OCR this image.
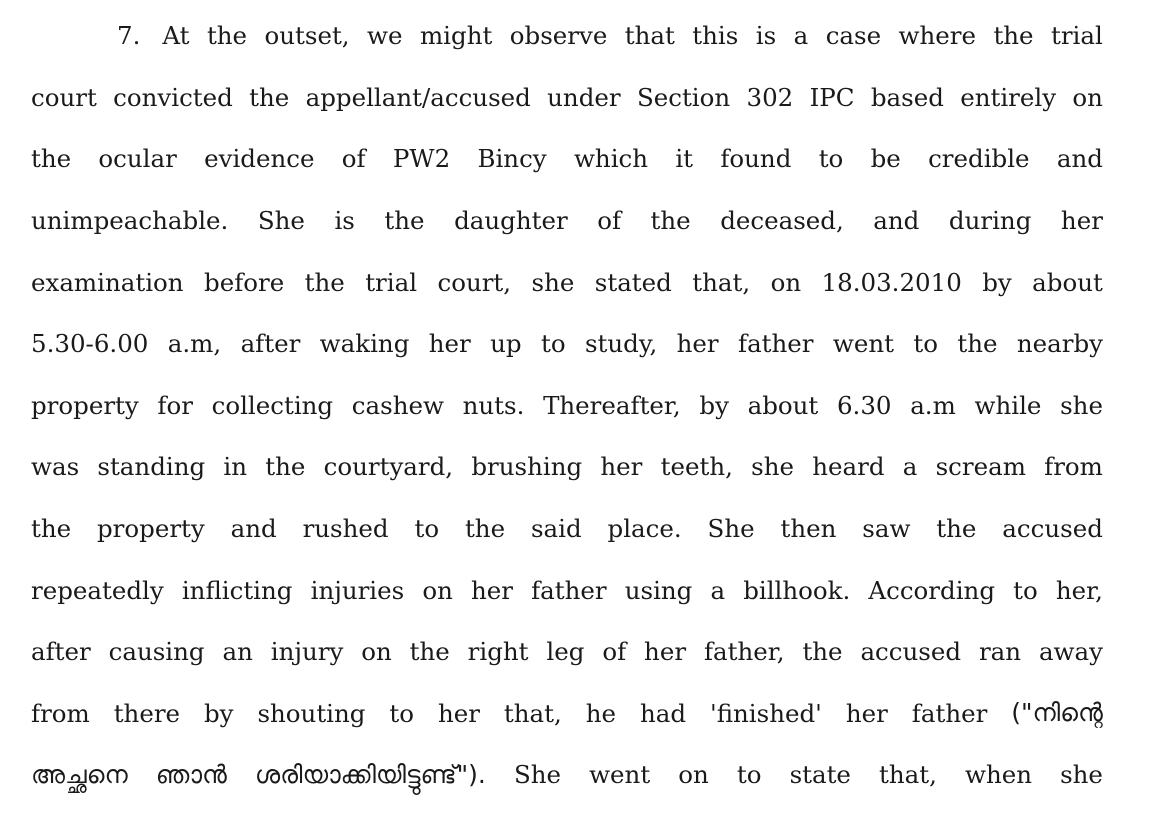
7. At the outset, we might observe that this is a case where the trial
court convicted the appellant/accused under Section 302 IPC based entirely on
the ocular evidence of PW2 Bincy which it found to be credible and
unimpeachable. She is the daughter of the deceased, and during her
examination before the trial court, she stated that, on 18.03.2010 by about
5.30-6.00 a.m, after waking her up to study, her father went to the nearby
property for collecting cashew nuts. Thereafter, by about 6.30 a.m while she
was standing in the courtyard, brushing her teeth, she heard a scream from
the property and rushed to the said place. She then saw the accused
repeatedly inflicting injuries on her father using a billhook. According to her,
after causing an injury on the right leg of her father, the accused ran away
from there by shouting to her that, he had 'finished' her father ("നിന്റെ
അച്ഛനെ ഞാൻ ശരിയാക്കിയിട്ടുണ്ട്"). She went on to state that, when she
